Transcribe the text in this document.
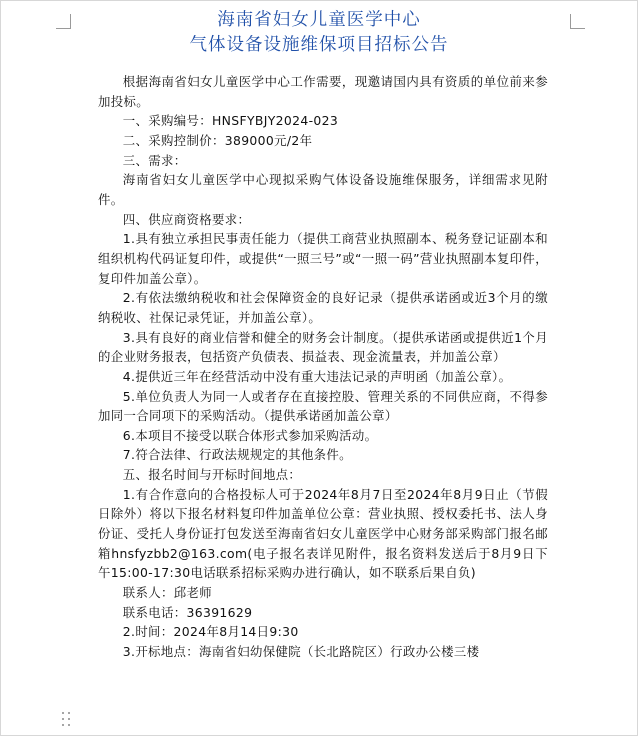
海南省妇女儿童医学中心
气体设备设施维保项目招标公告

根据海南省妇女儿童医学中心工作需要，现邀请国内具有资质的单位前来参加投标。

一、采购编号：HNSFYBJY2024-023

二、采购控制价：389000元/2年

三、需求：

海南省妇女儿童医学中心现拟采购气体设备设施维保服务，详细需求见附件。

四、供应商资格要求：

1.具有独立承担民事责任能力（提供工商营业执照副本、税务登记证副本和组织机构代码证复印件，或提供“一照三号”或“一照一码”营业执照副本复印件，复印件加盖公章）。

2.有依法缴纳税收和社会保障资金的良好记录（提供承诺函或近3个月的缴纳税收、社保记录凭证，并加盖公章）。

3.具有良好的商业信誉和健全的财务会计制度。（提供承诺函或提供近1个月的企业财务报表，包括资产负债表、损益表、现金流量表，并加盖公章）

4.提供近三年在经营活动中没有重大违法记录的声明函（加盖公章）。

5.单位负责人为同一人或者存在直接控股、管理关系的不同供应商，不得参加同一合同项下的采购活动。（提供承诺函加盖公章）

6.本项目不接受以联合体形式参加采购活动。

7.符合法律、行政法规规定的其他条件。

五、报名时间与开标时间地点：

1.有合作意向的合格投标人可于2024年8月7日至2024年8月9日止（节假日除外）将以下报名材料复印件加盖单位公章：营业执照、授权委托书、法人身份证、受托人身份证打包发送至海南省妇女儿童医学中心财务部采购部门报名邮箱hnsfyzbb2@163.com(电子报名表详见附件，报名资料发送后于8月9日下午15:00-17:30电话联系招标采购办进行确认，如不联系后果自负)

联系人：邱老师

联系电话：36391629

2.时间：2024年8月14日9:30

3.开标地点：海南省妇幼保健院（长北路院区）行政办公楼三楼
